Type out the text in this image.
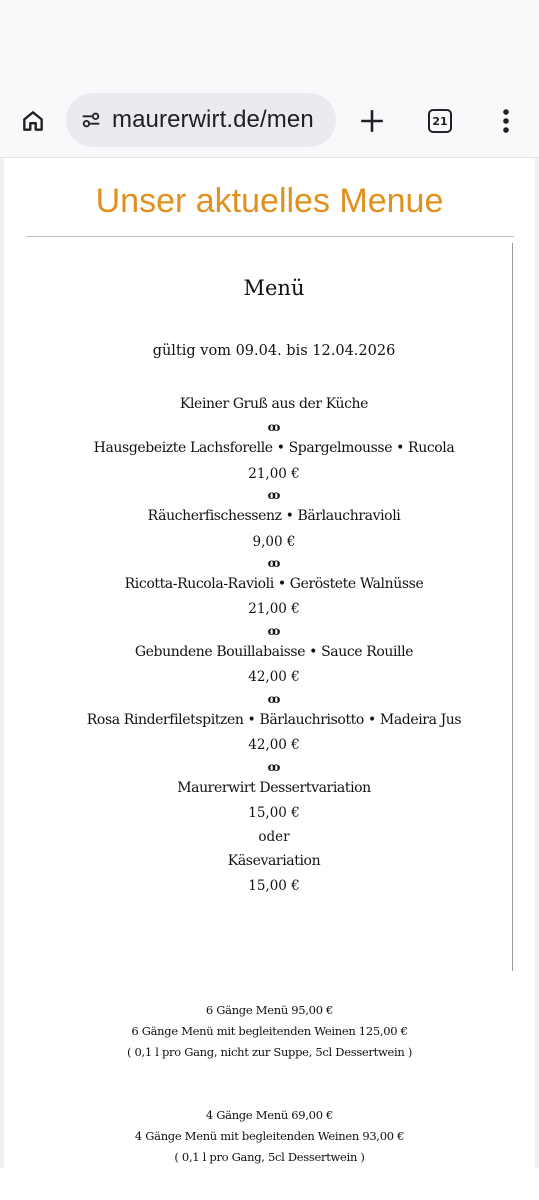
maurerwirt.de/men	21
Unser aktuelles Menue
Menü
gültig vom 09.04. bis 12.04.2026
Kleiner Gruß aus der Küche
ꝏ
Hausgebeizte Lachsforelle • Spargelmousse • Rucola
21,00 €
ꝏ
Räucherfischessenz • Bärlauchravioli
9,00 €
ꝏ
Ricotta-Rucola-Ravioli • Geröstete Walnüsse
21,00 €
ꝏ
Gebundene Bouillabaisse • Sauce Rouille
42,00 €
ꝏ
Rosa Rinderfiletspitzen • Bärlauchrisotto • Madeira Jus
42,00 €
ꝏ
Maurerwirt Dessertvariation
15,00 €
oder
Käsevariation
15,00 €
6 Gänge Menü 95,00 €
6 Gänge Menü mit begleitenden Weinen 125,00 €
( 0,1 l pro Gang, nicht zur Suppe, 5cl Dessertwein )
4 Gänge Menü 69,00 €
4 Gänge Menü mit begleitenden Weinen 93,00 €
( 0,1 l pro Gang, 5cl Dessertwein )
